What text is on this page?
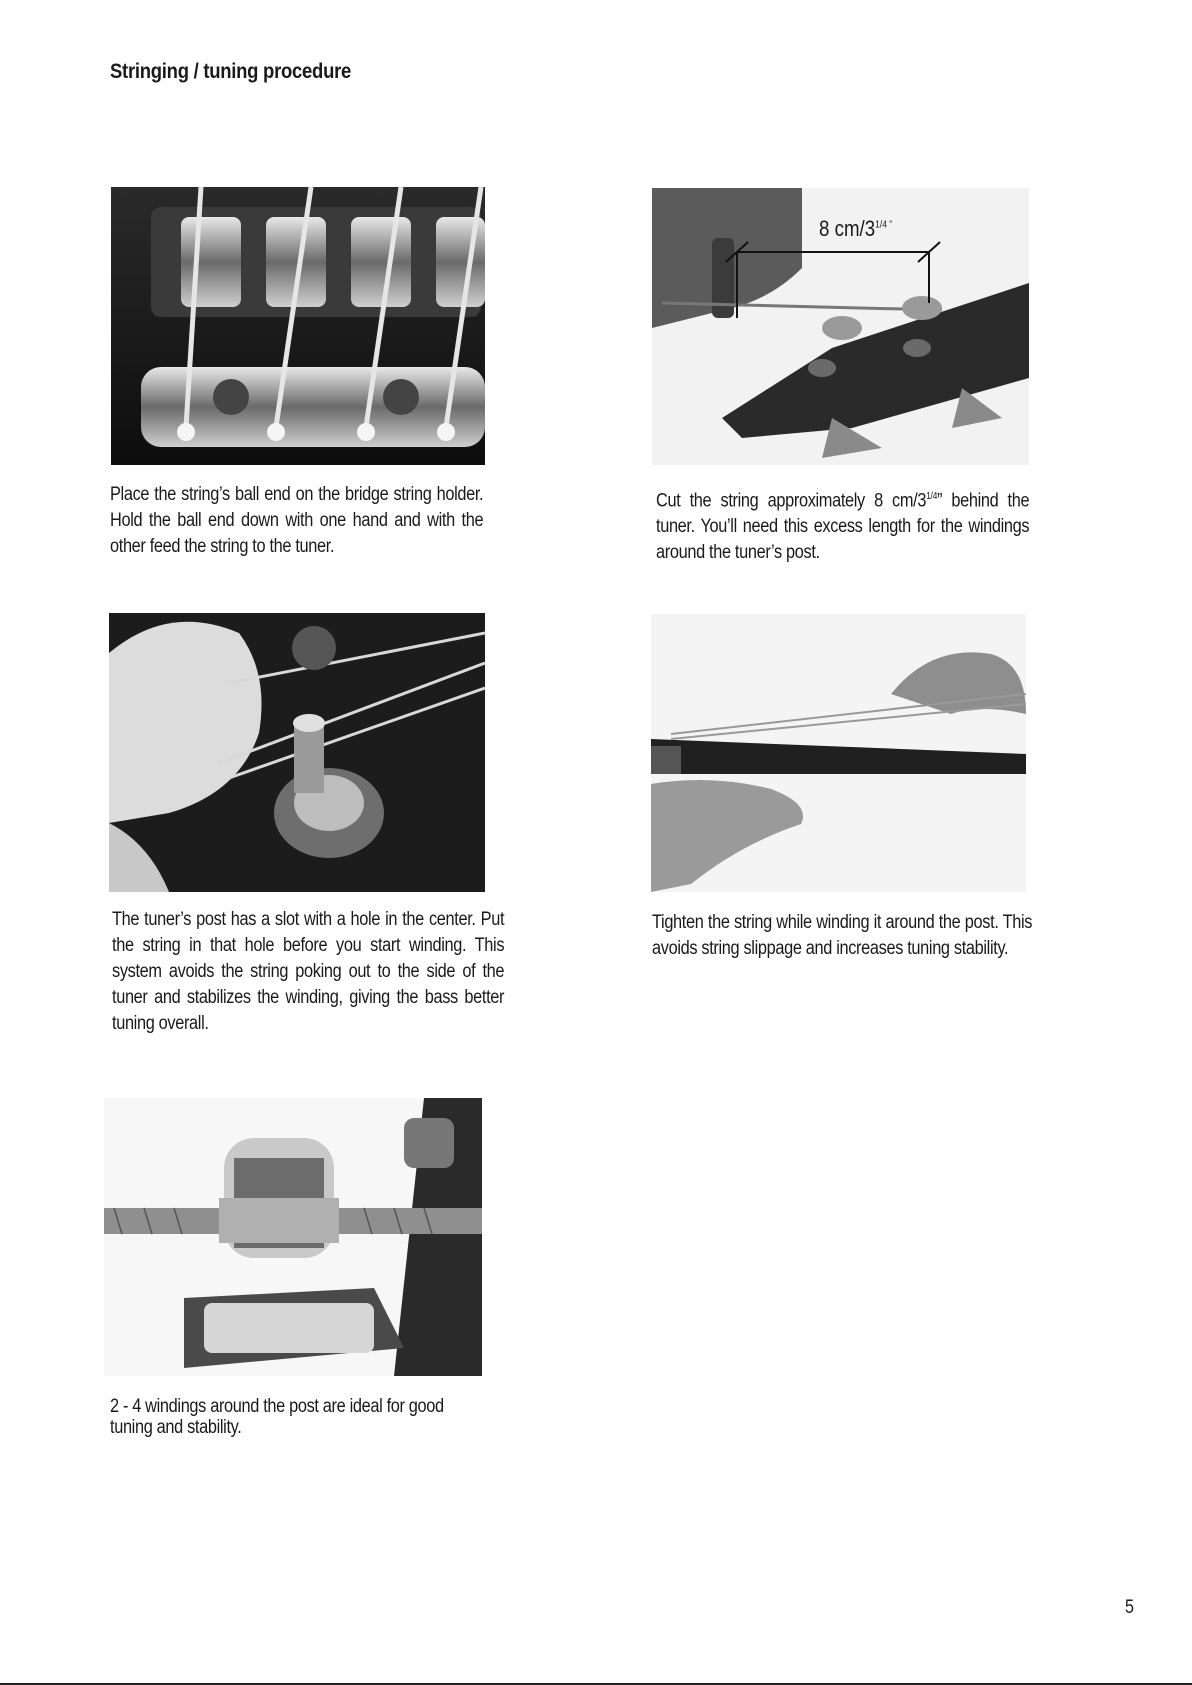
Stringing / tuning procedure

Place the string’s ball end on the bridge string holder. Hold the ball end down with one hand and with the other feed the string to the tuner.

8 $cm/3^{1/4 ”}$

Cut the string approximately 8 $cm/3^{1/4}$” behind the tuner. You’ll need this excess length for the windings around the tuner’s post.

The tuner’s post has a slot with a hole in the center. Put the string in that hole before you start winding. This system avoids the string poking out to the side of the tuner and stabilizes the winding, giving the bass better tuning overall.

Tighten the string while winding it around the post. This avoids string slippage and increases tuning stability.

2 - 4 windings around the post are ideal for good tuning and stability.

5
